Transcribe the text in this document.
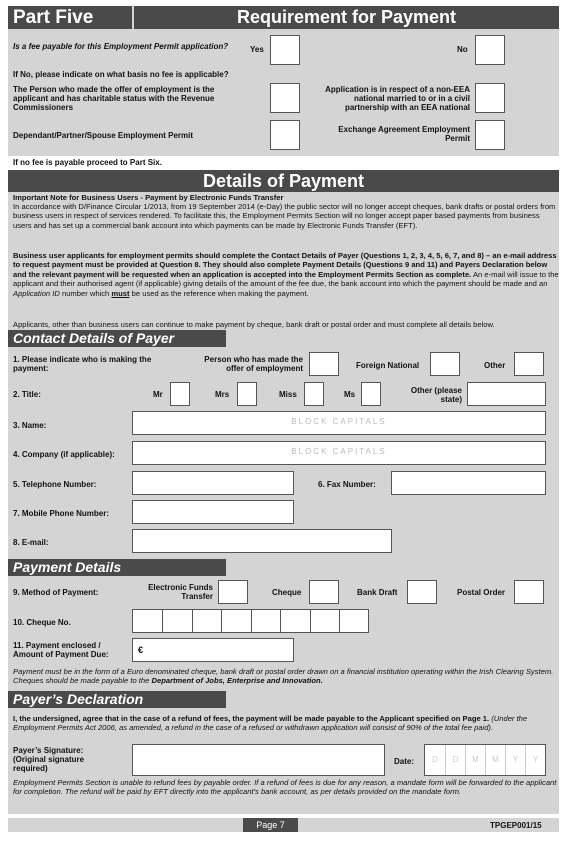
Part Five	Requirement for Payment
Is a fee payable for this Employment Permit application?	Yes	No
If No, please indicate on what basis no fee is applicable?
The Person who made the offer of employment is the applicant and has charitable status with the Revenue Commissioners
Application is in respect of a non-EEA national married to or in a civil partnership with an EEA national
Dependant/Partner/Spouse Employment Permit
Exchange Agreement Employment Permit
If no fee is payable proceed to Part Six.
Details of Payment
Important Note for Business Users - Payment by Electronic Funds Transfer
In accordance with D/Finance Circular 1/2013, from 19 September 2014 (e-Day) the public sector will no longer accept cheques, bank drafts or postal orders from business users in respect of services rendered. To facilitate this, the Employment Permits Section will no longer accept paper based payments from business users and has set up a commercial bank account into which payments can be made by Electronic Funds Transfer (EFT).
Business user applicants for employment permits should complete the Contact Details of Payer (Questions 1, 2, 3, 4, 5, 6, 7, and 8) – an e-mail address to request payment must be provided at Question 8. They should also complete Payment Details (Questions 9 and 11) and Payers Declaration below and the relevant payment will be requested when an application is accepted into the Employment Permits Section as complete. An e-mail will issue to the applicant and their authorised agent (if applicable) giving details of the amount of the fee due, the bank account into which the payment should be made and an Application ID number which must be used as the reference when making the payment.
Applicants, other than business users can continue to make payment by cheque, bank draft or postal order and must complete all details below.
Contact Details of Payer
1. Please indicate who is making the payment:
Person who has made the offer of employment	Foreign National	Other
2. Title:	Mr	Mrs	Miss	Ms	Other (please state)
3. Name:	BLOCK CAPITALS
4. Company (if applicable):	BLOCK CAPITALS
5. Telephone Number:	6. Fax Number:
7. Mobile Phone Number:
8. E-mail:
Payment Details
9. Method of Payment:
Electronic Funds Transfer	Cheque	Bank Draft	Postal Order
10. Cheque No.
11. Payment enclosed / Amount of Payment Due:	€
Payment must be in the form of a Euro denominated cheque, bank draft or postal order drawn on a financial institution operating within the Irish Clearing System. Cheques should be made payable to the Department of Jobs, Enterprise and Innovation.
Payer’s Declaration
I, the undersigned, agree that in the case of a refund of fees, the payment will be made payable to the Applicant specified on Page 1. (Under the Employment Permits Act 2006, as amended, a refund in the case of a refused or withdrawn application will consist of 90% of the total fee paid).
Payer’s Signature: (Original signature required)
Date:	D	D	M	M	Y	Y
Employment Permits Section is unable to refund fees by payable order. If a refund of fees is due for any reason, a mandate form will be forwarded to the applicant for completion. The refund will be paid by EFT directly into the applicant's bank account, as per details provided on the mandate form.
Page 7	TPGEP001/15
